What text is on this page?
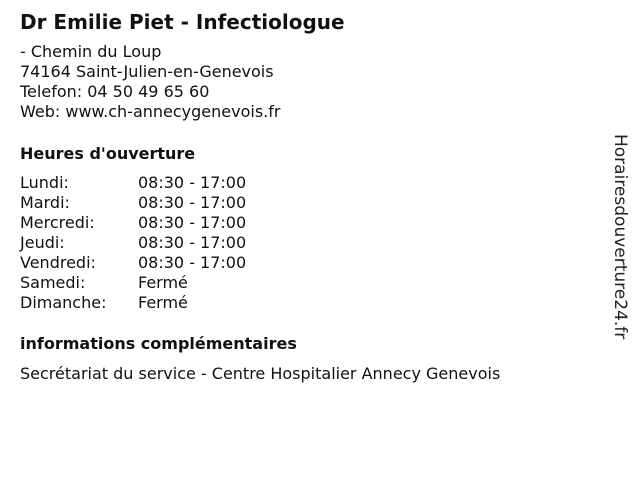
Dr Emilie Piet - Infectiologue
- Chemin du Loup
74164 Saint-Julien-en-Genevois
Telefon: 04 50 49 65 60
Web: www.ch-annecygenevois.fr
Heures d'ouverture
Lundi:	08:30 - 17:00
Mardi:	08:30 - 17:00
Mercredi:	08:30 - 17:00
Jeudi:	08:30 - 17:00
Vendredi:	08:30 - 17:00
Samedi:	Fermé
Dimanche:	Fermé
informations complémentaires
Secrétariat du service - Centre Hospitalier Annecy Genevois
Horairesdouverture24.fr
